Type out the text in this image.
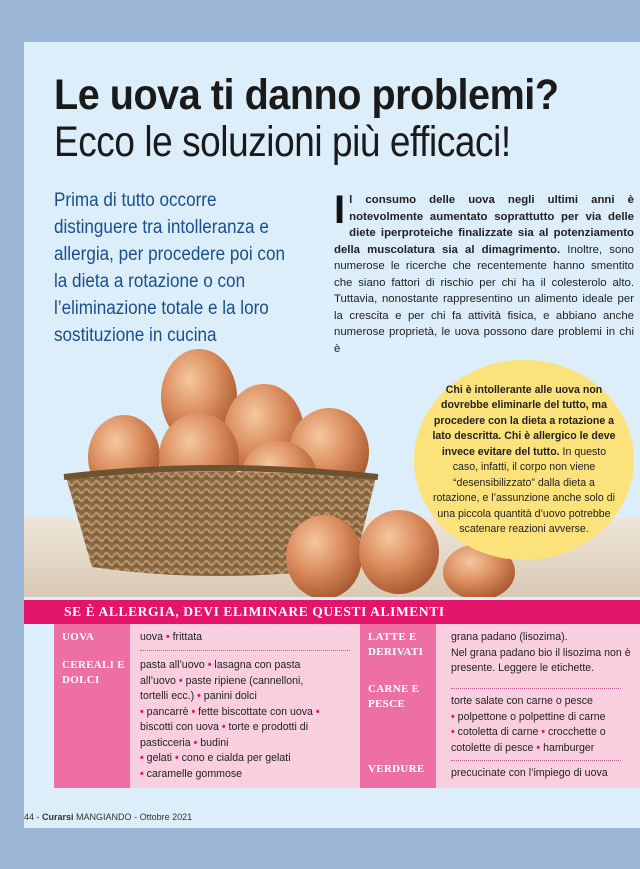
Le uova ti danno problemi?
Ecco le soluzioni più efficaci!

Prima di tutto occorre distinguere tra intolleranza e allergia, per procedere poi con la dieta a rotazione o con l’eliminazione totale e la loro sostituzione in cucina

Il consumo delle uova negli ultimi anni è notevolmente aumentato soprattutto per via delle diete iperproteiche finalizzate sia al potenziamento della muscolatura sia al dimagrimento. Inoltre, sono numerose le ricerche che recentemente hanno smentito che siano fattori di rischio per chi ha il colesterolo alto. Tuttavia, nonostante rappresentino un alimento ideale per la crescita e per chi fa attività fisica, e abbiano anche numerose proprietà, le uova possono dare problemi in chi è

Chi è intollerante alle uova non dovrebbe eliminarle del tutto, ma procedere con la dieta a rotazione a lato descritta. Chi è allergico le deve invece evitare del tutto. In questo caso, infatti, il corpo non viene “desensibilizzato” dalla dieta a rotazione, e l’assunzione anche solo di una piccola quantità d’uovo potrebbe scatenare reazioni avverse.

SE È ALLERGIA, DEVI ELIMINARE QUESTI ALIMENTI
UOVA
CEREALI E DOLCI
uova • frittata
pasta all’uovo • lasagna con pasta all’uovo • paste ripiene (cannelloni, tortelli ecc.) • panini dolci
• pancarrè • fette biscottate con uova • biscotti con uova • torte e prodotti di pasticceria • budini
• gelati • cono e cialda per gelati
• caramelle gommose
LATTE E DERIVATI
CARNE E PESCE
VERDURE
grana padano (lisozima).
Nel grana padano bio il lisozima non è presente. Leggere le etichette.
torte salate con carne o pesce
• polpettone o polpettine di carne
• cotoletta di carne • crocchette o cotolette di pesce • hamburger
precucinate con l’impiego di uova
44 - Curarsi MANGIANDO - Ottobre 2021
